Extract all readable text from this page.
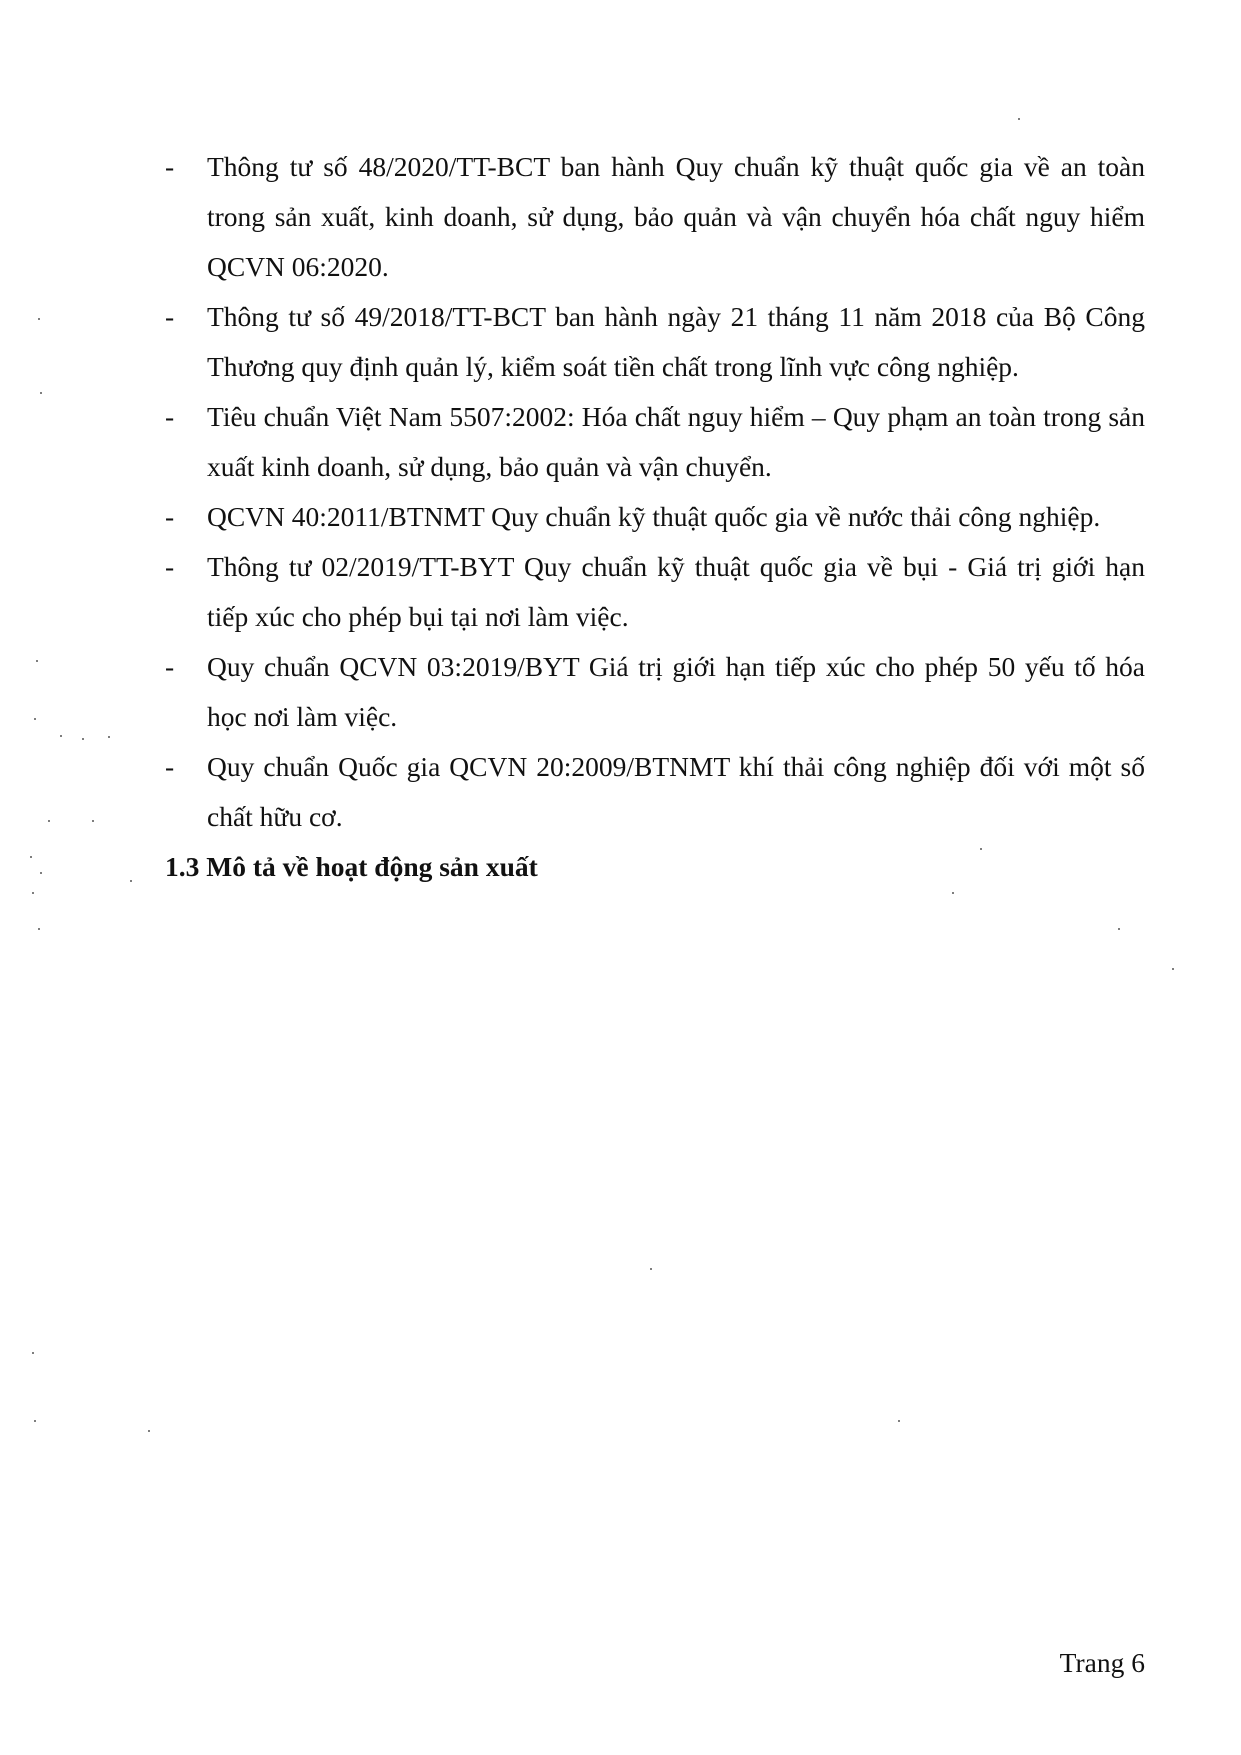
- Thông tư số 48/2020/TT-BCT ban hành Quy chuẩn kỹ thuật quốc gia về an toàn trong sản xuất, kinh doanh, sử dụng, bảo quản và vận chuyển hóa chất nguy hiểm QCVN 06:2020.
- Thông tư số 49/2018/TT-BCT ban hành ngày 21 tháng 11 năm 2018 của Bộ Công Thương quy định quản lý, kiểm soát tiền chất trong lĩnh vực công nghiệp.
- Tiêu chuẩn Việt Nam 5507:2002: Hóa chất nguy hiểm – Quy phạm an toàn trong sản xuất kinh doanh, sử dụng, bảo quản và vận chuyển.
- QCVN 40:2011/BTNMT Quy chuẩn kỹ thuật quốc gia về nước thải công nghiệp.
- Thông tư 02/2019/TT-BYT Quy chuẩn kỹ thuật quốc gia về bụi - Giá trị giới hạn tiếp xúc cho phép bụi tại nơi làm việc.
- Quy chuẩn QCVN 03:2019/BYT Giá trị giới hạn tiếp xúc cho phép 50 yếu tố hóa học nơi làm việc.
- Quy chuẩn Quốc gia QCVN 20:2009/BTNMT khí thải công nghiệp đối với một số chất hữu cơ.
1.3 Mô tả về hoạt động sản xuất
Trang 6
